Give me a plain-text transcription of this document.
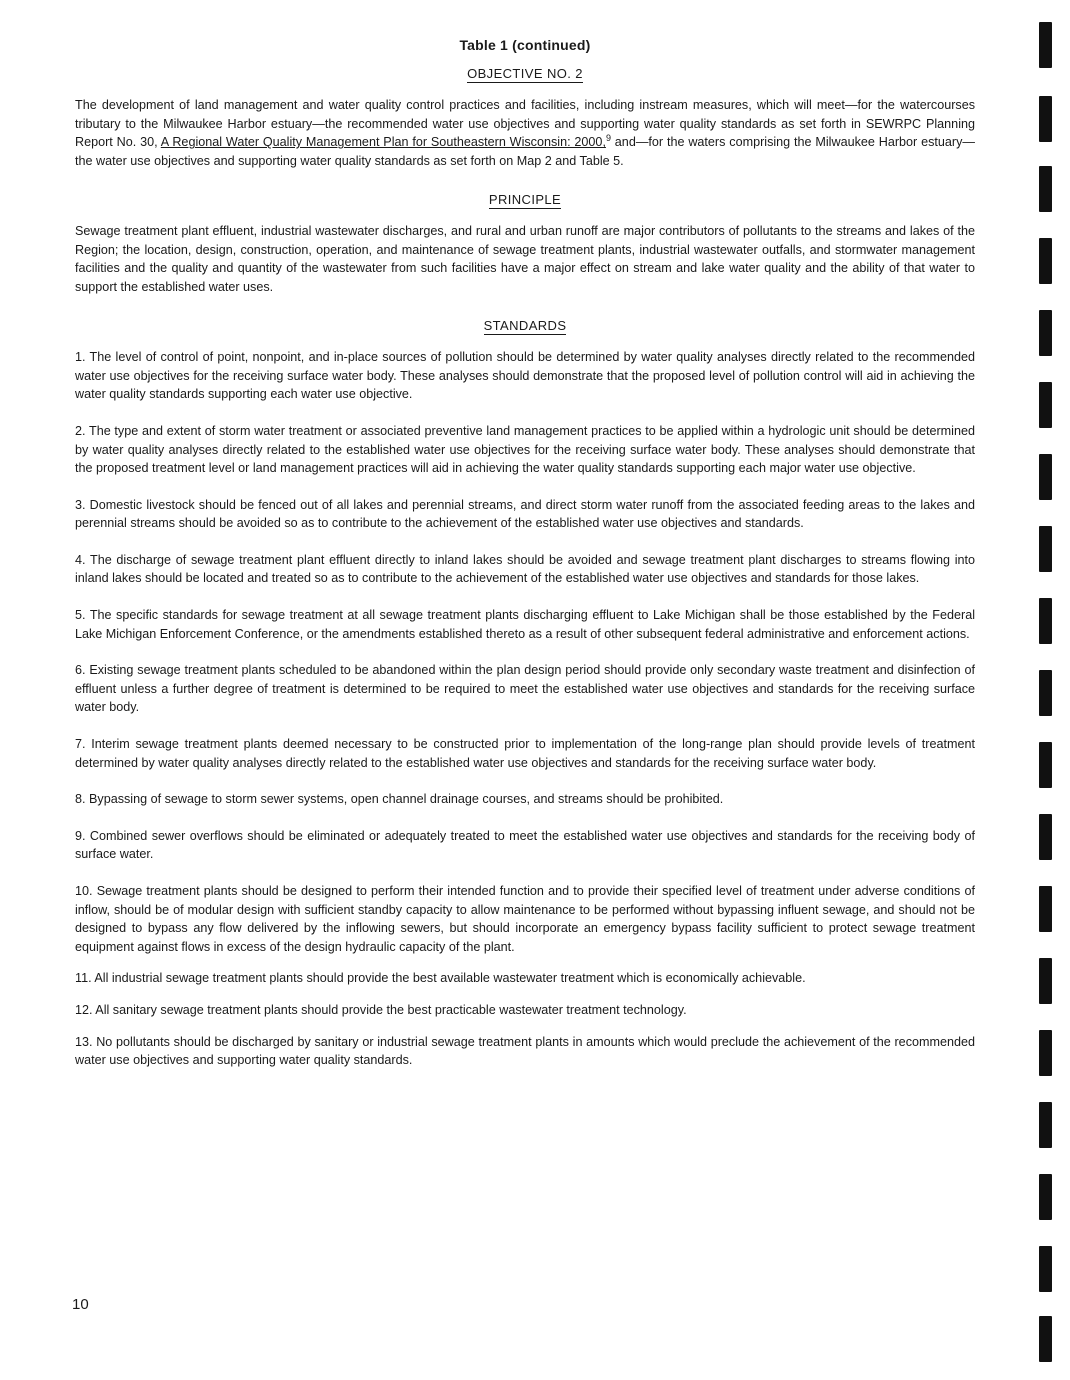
Table 1 (continued)
OBJECTIVE NO. 2

The development of land management and water quality control practices and facilities, including instream measures, which will meet—for the watercourses tributary to the Milwaukee Harbor estuary—the recommended water use objectives and supporting water quality standards as set forth in SEWRPC Planning Report No. 30, A Regional Water Quality Management Plan for Southeastern Wisconsin: 2000,$^9$ and—for the waters comprising the Milwaukee Harbor estuary—the water use objectives and supporting water quality standards as set forth on Map 2 and Table 5.

PRINCIPLE

Sewage treatment plant effluent, industrial wastewater discharges, and rural and urban runoff are major contributors of pollutants to the streams and lakes of the Region; the location, design, construction, operation, and maintenance of sewage treatment plants, industrial wastewater outfalls, and stormwater management facilities and the quality and quantity of the wastewater from such facilities have a major effect on stream and lake water quality and the ability of that water to support the established water uses.

STANDARDS

1. The level of control of point, nonpoint, and in-place sources of pollution should be determined by water quality analyses directly related to the recommended water use objectives for the receiving surface water body. These analyses should demonstrate that the proposed level of pollution control will aid in achieving the water quality standards supporting each water use objective.

2. The type and extent of storm water treatment or associated preventive land management practices to be applied within a hydrologic unit should be determined by water quality analyses directly related to the established water use objectives for the receiving surface water body. These analyses should demonstrate that the proposed treatment level or land management practices will aid in achieving the water quality standards supporting each major water use objective.

3. Domestic livestock should be fenced out of all lakes and perennial streams, and direct storm water runoff from the associated feeding areas to the lakes and perennial streams should be avoided so as to contribute to the achievement of the established water use objectives and standards.

4. The discharge of sewage treatment plant effluent directly to inland lakes should be avoided and sewage treatment plant discharges to streams flowing into inland lakes should be located and treated so as to contribute to the achievement of the established water use objectives and standards for those lakes.

5. The specific standards for sewage treatment at all sewage treatment plants discharging effluent to Lake Michigan shall be those established by the Federal Lake Michigan Enforcement Conference, or the amendments established thereto as a result of other subsequent federal administrative and enforcement actions.

6. Existing sewage treatment plants scheduled to be abandoned within the plan design period should provide only secondary waste treatment and disinfection of effluent unless a further degree of treatment is determined to be required to meet the established water use objectives and standards for the receiving surface water body.

7. Interim sewage treatment plants deemed necessary to be constructed prior to implementation of the long-range plan should provide levels of treatment determined by water quality analyses directly related to the established water use objectives and standards for the receiving surface water body.

8. Bypassing of sewage to storm sewer systems, open channel drainage courses, and streams should be prohibited.

9. Combined sewer overflows should be eliminated or adequately treated to meet the established water use objectives and standards for the receiving body of surface water.

10. Sewage treatment plants should be designed to perform their intended function and to provide their specified level of treatment under adverse conditions of inflow, should be of modular design with sufficient standby capacity to allow maintenance to be performed without bypassing influent sewage, and should not be designed to bypass any flow delivered by the inflowing sewers, but should incorporate an emergency bypass facility sufficient to protect sewage treatment equipment against flows in excess of the design hydraulic capacity of the plant.

11. All industrial sewage treatment plants should provide the best available wastewater treatment which is economically achievable.

12. All sanitary sewage treatment plants should provide the best practicable wastewater treatment technology.

13. No pollutants should be discharged by sanitary or industrial sewage treatment plants in amounts which would preclude the achievement of the recommended water use objectives and supporting water quality standards.

10
